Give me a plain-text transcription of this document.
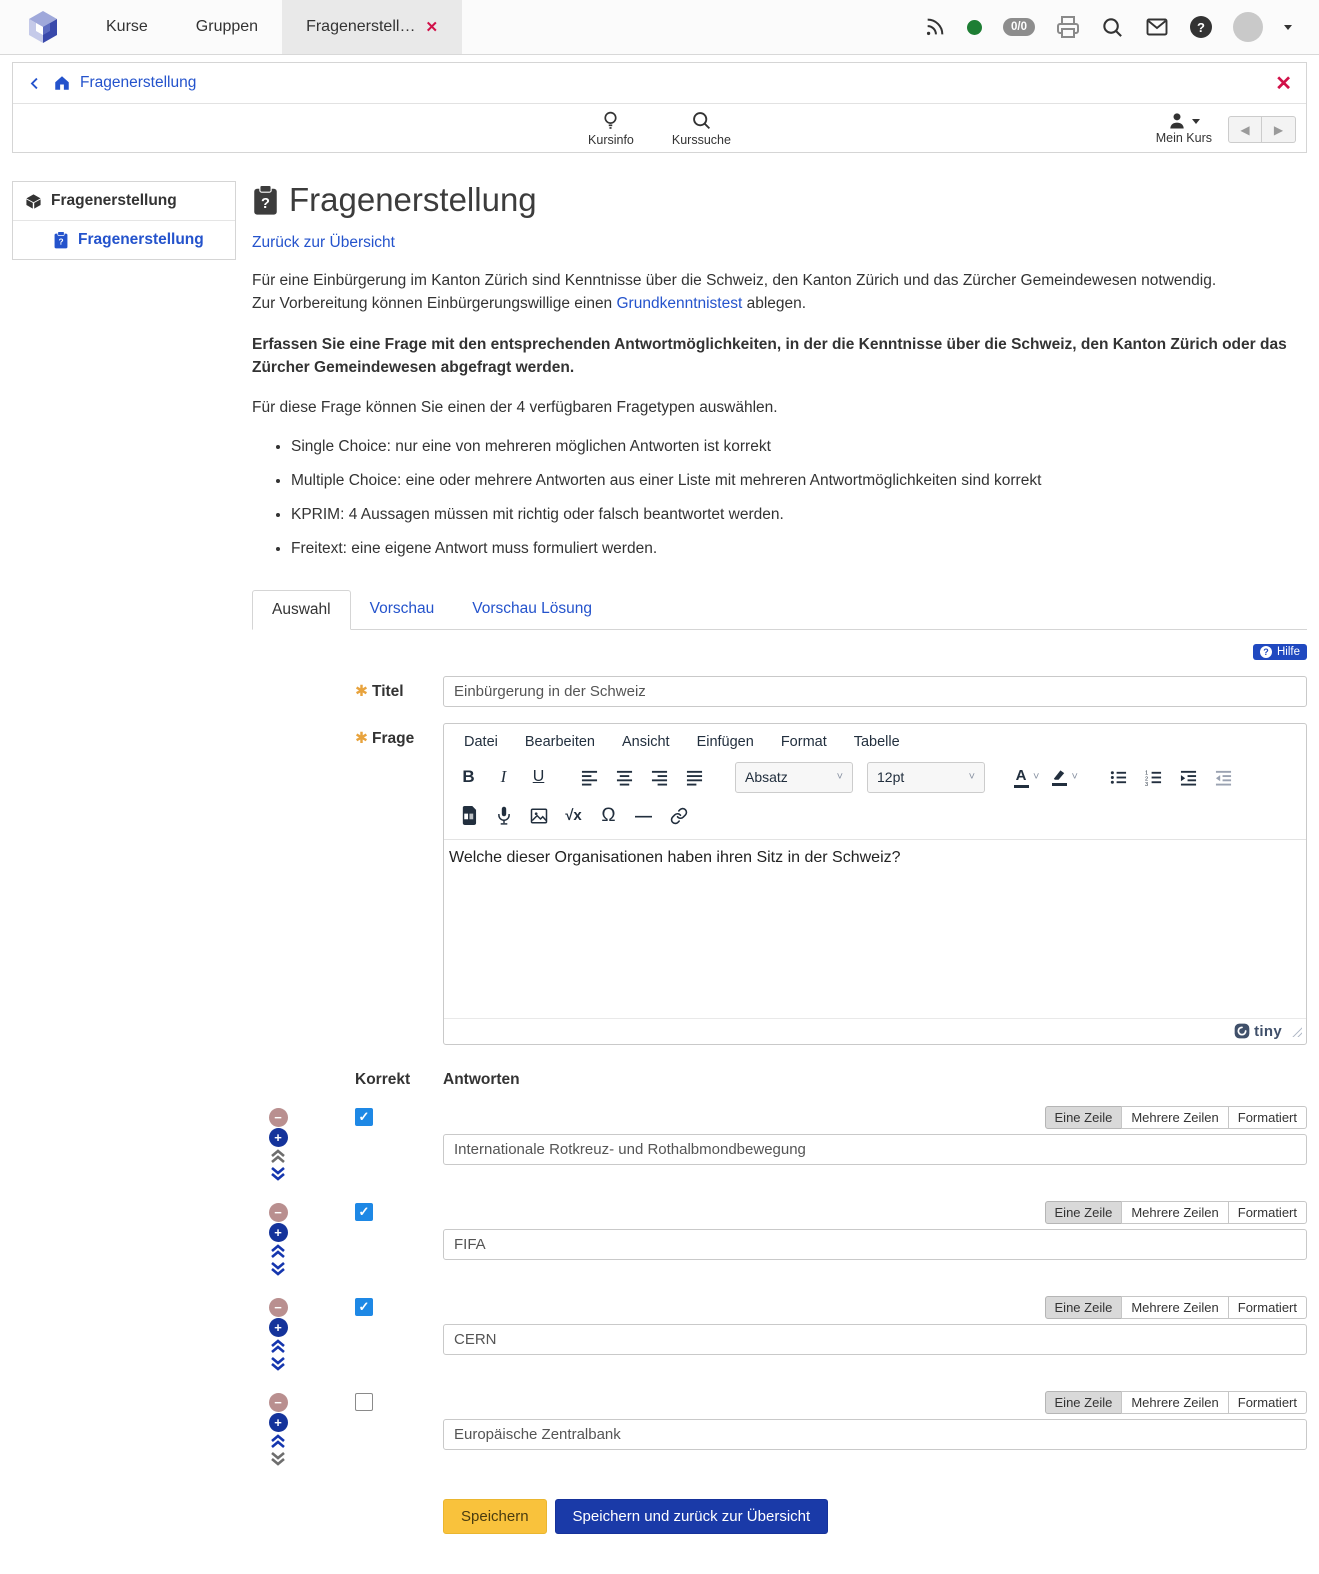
Kurse	Gruppen	Fragenerstell… ✕	0/0	?
Fragenerstellung	✕
Kursinfo	Kurssuche	Mein Kurs
◀ ▶
Fragenerstellung
? Fragenerstellung
? Fragenerstellung
Zurück zur Übersicht

Für eine Einbürgerung im Kanton Zürich sind Kenntnisse über die Schweiz, den Kanton Zürich und das Zürcher Gemeindewesen notwendig.
Zur Vorbereitung können Einbürgerungswillige einen Grundkenntnistest ablegen.

Erfassen Sie eine Frage mit den entsprechenden Antwortmöglichkeiten, in der die Kenntnisse über die Schweiz, den Kanton Zürich oder das Zürcher Gemeindewesen abgefragt werden.

Für diese Frage können Sie einen der 4 verfügbaren Fragetypen auswählen.

• Single Choice: nur eine von mehreren möglichen Antworten ist korrekt
• Multiple Choice: eine oder mehrere Antworten aus einer Liste mit mehreren Antwortmöglichkeiten sind korrekt
• KPRIM: 4 Aussagen müssen mit richtig oder falsch beantwortet werden.
• Freitext: eine eigene Antwort muss formuliert werden.
Auswahl	Vorschau	Vorschau Lösung
? Hilfe
✱ Titel
Einbürgerung in der Schweiz
✱ Frage	Datei Bearbeiten Ansicht Einfügen Format Tabelle
B	I	U	Absatz	˅ 12pt	˅	A ˅	˅	1
2
3
√x Ω —
Welche dieser Organisationen haben ihren Sitz in der Schweiz?
tiny
Korrekt	Antworten
−
+
✓
Eine Zeile	Mehrere Zeilen	Formatiert
Internationale Rotkreuz- und Rothalbmondbewegung
−
+
✓
Eine Zeile	Mehrere Zeilen	Formatiert
FIFA
−
+
✓
Eine Zeile	Mehrere Zeilen	Formatiert
CERN
−
+
Eine Zeile	Mehrere Zeilen	Formatiert
Europäische Zentralbank
Speichern	Speichern und zurück zur Übersicht
